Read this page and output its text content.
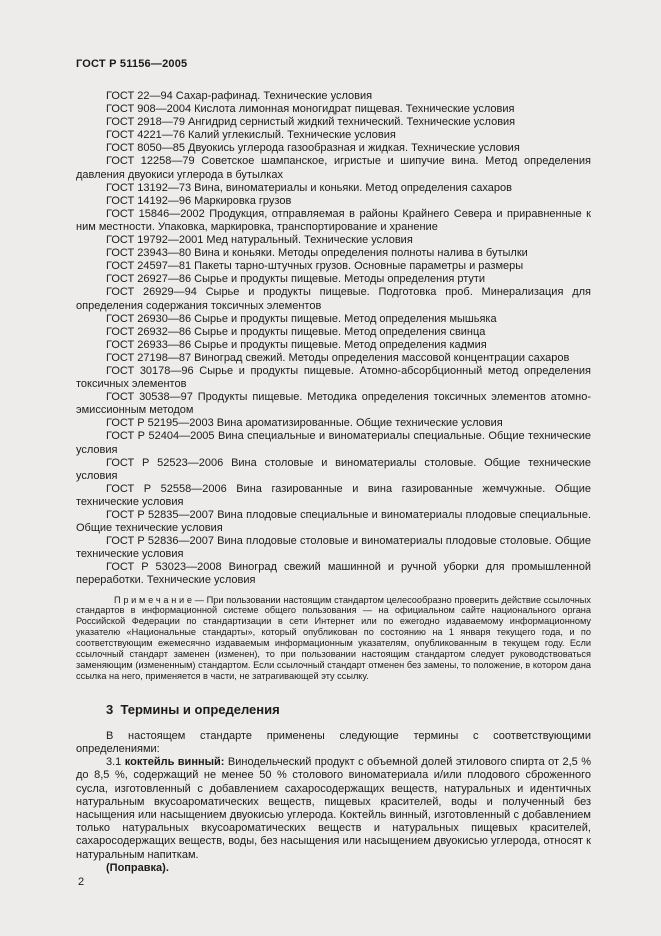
ГОСТ Р 51156—2005

ГОСТ 22—94 Сахар-рафинад. Технические условия

ГОСТ 908—2004 Кислота лимонная моногидрат пищевая. Технические условия

ГОСТ 2918—79 Ангидрид сернистый жидкий технический. Технические условия

ГОСТ 4221—76 Калий углекислый. Технические условия

ГОСТ 8050—85 Двуокись углерода газообразная и жидкая. Технические условия

ГОСТ 12258—79 Советское шампанское, игристые и шипучие вина. Метод определения давления двуокиси углерода в бутылках

ГОСТ 13192—73 Вина, виноматериалы и коньяки. Метод определения сахаров

ГОСТ 14192—96 Маркировка грузов

ГОСТ 15846—2002 Продукция, отправляемая в районы Крайнего Севера и приравненные к ним местности. Упаковка, маркировка, транспортирование и хранение

ГОСТ 19792—2001 Мед натуральный. Технические условия

ГОСТ 23943—80 Вина и коньяки. Методы определения полноты налива в бутылки

ГОСТ 24597—81 Пакеты тарно-штучных грузов. Основные параметры и размеры

ГОСТ 26927—86 Сырье и продукты пищевые. Методы определения ртути

ГОСТ 26929—94 Сырье и продукты пищевые. Подготовка проб. Минерализация для определения содержания токсичных элементов

ГОСТ 26930—86 Сырье и продукты пищевые. Метод определения мышьяка

ГОСТ 26932—86 Сырье и продукты пищевые. Метод определения свинца

ГОСТ 26933—86 Сырье и продукты пищевые. Метод определения кадмия

ГОСТ 27198—87 Виноград свежий. Методы определения массовой концентрации сахаров

ГОСТ 30178—96 Сырье и продукты пищевые. Атомно-абсорбционный метод определения токсичных элементов

ГОСТ 30538—97 Продукты пищевые. Методика определения токсичных элементов атомно-эмиссионным методом

ГОСТ Р 52195—2003 Вина ароматизированные. Общие технические условия

ГОСТ Р 52404—2005 Вина специальные и виноматериалы специальные. Общие технические условия

ГОСТ Р 52523—2006 Вина столовые и виноматериалы столовые. Общие технические условия

ГОСТ Р 52558—2006 Вина газированные и вина газированные жемчужные. Общие технические условия

ГОСТ Р 52835—2007 Вина плодовые специальные и виноматериалы плодовые специальные. Общие технические условия

ГОСТ Р 52836—2007 Вина плодовые столовые и виноматериалы плодовые столовые. Общие технические условия

ГОСТ Р 53023—2008 Виноград свежий машинной и ручной уборки для промышленной переработки. Технические условия

П р и м е ч а н и е — При пользовании настоящим стандартом целесообразно проверить действие ссылочных стандартов в информационной системе общего пользования — на официальном сайте национального органа Российской Федерации по стандартизации в сети Интернет или по ежегодно издаваемому информационному указателю «Национальные стандарты», который опубликован по состоянию на 1 января текущего года, и по соответствующим ежемесячно издаваемым информационным указателям, опубликованным в текущем году. Если ссылочный стандарт заменен (изменен), то при пользовании настоящим стандартом следует руководствоваться заменяющим (измененным) стандартом. Если ссылочный стандарт отменен без замены, то положение, в котором дана ссылка на него, применяется в части, не затрагивающей эту ссылку.

3  Термины и определения

В настоящем стандарте применены следующие термины с соответствующими определениями:

3.1 коктейль винный: Винодельческий продукт с объемной долей этилового спирта от 2,5 % до 8,5 %, содержащий не менее 50 % столового виноматериала и/или плодового сброженного сусла, изготовленный с добавлением сахаросодержащих веществ, натуральных и идентичных натуральным вкусоароматических веществ, пищевых красителей, воды и полученный без насыщения или насыщением двуокисью углерода. Коктейль винный, изготовленный с добавлением только натуральных вкусоароматических веществ и натуральных пищевых красителей, сахаросодержащих веществ, воды, без насыщения или насыщением двуокисью углерода, относят к натуральным напиткам.

(Поправка).

2
